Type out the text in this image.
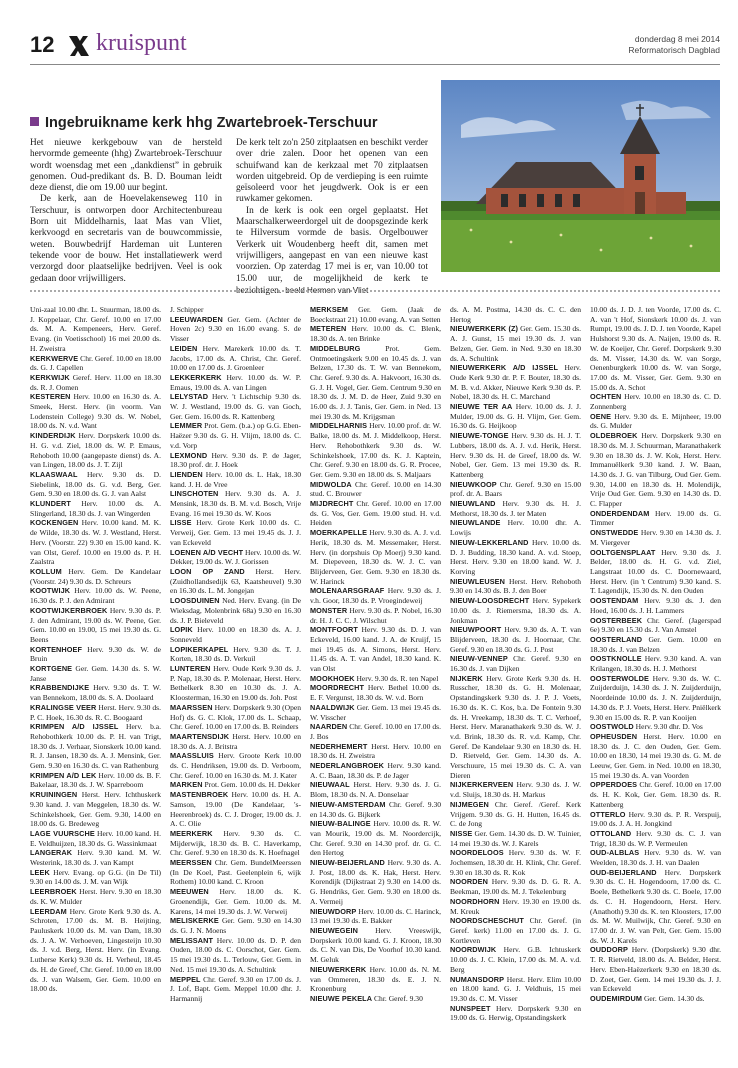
12 kruispunt	donderdag 8 mei 2014
Reformatorisch Dagblad
Ingebruikname kerk hhg Zwartebroek-Terschuur
Het nieuwe kerkgebouw van de hersteld hervormde gemeente (hhg) Zwartebroek-Terschuur wordt woensdag met een „dankdienst” in gebruik genomen. Oud-predikant ds. B. D. Bouman leidt deze dienst, die om 19.00 uur begint.
De kerk, aan de Hoevelakenseweg 110 in Terschuur, is ontworpen door Architectenbureau Born uit Middelharnis, laat Mas van Vliet, kerkvoogd en secretaris van de bouwcommissie, weten. Bouwbedrijf Hardeman uit Lunteren tekende voor de bouw. Het installatiewerk werd verzorgd door plaatselijke bedrijven. Veel is ook gedaan door vrijwilligers.
De kerk telt zo'n 250 zitplaatsen en beschikt verder over drie zalen. Door het openen van een schuifwand kan de kerkzaal met 70 zitplaatsen worden uitgebreid. Op de verdieping is een ruimte geïsoleerd voor het jeugdwerk. Ook is er een ruwkamer gekomen.
In de kerk is ook een orgel geplaatst. Het Maarschalkerweerdorgel uit de doopsgezinde kerk te Hilversum vormde de basis. Orgelbouwer Verkerk uit Woudenberg heeft dit, samen met vrijwilligers, aangepast en van een nieuwe kast voorzien. Op zaterdag 17 mei is er, van 10.00 tot 15.00 uur, de mogelijkheid de kerk te bezichtigen. beeld Hermen van Vliet
Uni-zaal 10.00 dhr. L. Stuurman, 18.00 ds. J. Koppelaar, Chr. Geref. 10.00 en 17.00 ds. M. A. Kempeneers, Herv. Geref. Evang. (in Voetisschool) 16 mei 20.00 ds. H. Zweistra
KERKWERVE Chr. Geref. 10.00 en 18.00 ds. G. J. Capellen
KERKWIJK Geref. Herv. 11.00 en 18.30 ds. R. J. Oomen
KESTEREN Herv. 10.00 en 16.30 ds. A. Smeek, Herst. Herv. (in voorm. Van Lodenstein College) 9.30 ds. W. Nobel, 18.00 ds. N. v.d. Want
KINDERDIJK Herv. Dorpskerk 10.00 ds. H. G. v.d. Ziel, 18.00 ds. W. P. Emaus, Rehoboth 10.00 (aangepaste dienst) ds. A. van Lingen, 18.00 ds. J. T. Zijl
KLAASWAAL Herv. 9.30 ds. D. Siebelink, 18.00 ds. G. v.d. Berg, Ger. Gem. 9.30 en 18.00 ds. G. J. van Aalst
KLUNDERT Herv. 10.00 ds. A. Slingerland, 18.30 ds. J. van Wingerden
KOCKENGEN Herv. 10.00 kand. M. K. de Wilde, 18.30 ds. W. J. Westland, Herst. Herv. (Voorstr. 22) 9.30 en 15.00 kand. K. van Olst, Geref. 10.00 en 19.00 ds. P. H. Zaalstra
KOLLUM Herv. Gem. De Kandelaar (Voorstr. 24) 9.30 ds. D. Schreurs
KOOTWIJK Herv. 10.00 ds. W. Peene, 16.30 ds. P. J. den Admirant
KOOTWIJKERBROEK Herv. 9.30 ds. P. J. den Admirant, 19.00 ds. W. Peene, Ger. Gem. 10.00 en 19.00, 15 mei 19.30 ds. G. Beens
KORTENHOEF Herv. 9.30 ds. W. de Bruin
KORTGENE Ger. Gem. 14.30 ds. S. W. Janse
KRABBENDIJKE Herv. 9.30 ds. T. W. van Bennekom, 18.00 ds. S. A. Doolaard
KRALINGSE VEER Herst. Herv. 9.30 ds. P. C. Hoek, 16.30 ds. R. C. Boogaard
KRIMPEN A/D IJSSEL Herv. b.a. Rehobothkerk 10.00 ds. P. H. van Trigt, 18.30 ds. J. Verhaar, Sionskerk 10.00 kand. R. J. Jansen, 18.30 ds. A. J. Mensink, Ger. Gem. 9.30 en 16.30 ds. C. van Rathenburg
KRIMPEN A/D LEK Herv. 10.00 ds. B. F. Bakelaar, 18.30 ds. J. W. Sparreboom
KRUININGEN Herst. Herv. Ichthuskerk 9.30 kand. J. van Meggelen, 18.30 ds. W. Schinkelshoek, Ger. Gem. 9.30, 14.00 en 18.00 ds. G. Bredeweg
LAGE VUURSCHE Herv. 10.00 kand. H. E. Veldhuijzen, 18.30 ds. G. Wassinkmaat
LANGERAK Herv. 9.30 kand. M. W. Westerink, 18.30 ds. J. van Kampt
LEEK Herv. Evang. op G.G. (in De Til) 9.30 en 14.00 ds. J. M. van Wijk
LEERBROEK Herst. Herv. 9.30 en 18.30 ds. K. W. Mulder
LEERDAM Herv. Grote Kerk 9.30 ds. A. Schroten, 17.00 ds. M. B. Heijting, Pauluskerk 10.00 ds. M. van Dam, 18.30 ds. J. A. W. Verhoeven, Lingesteijn 10.30 ds. J. v.d. Berg, Herst. Herv. (in Evang. Lutherse Kerk) 9.30 ds. H. Verheul, 18.45 ds. H. de Greef, Chr. Geref. 10.00 en 18.00 ds. J. van Walsem, Ger. Gem. 10.00 en 18.00 ds.
J. Schipper
LEEUWARDEN Ger. Gem. (Achter de Hoven 2c) 9.30 en 16.00 evang. S. de Visser
LEIDEN Herv. Marekerk 10.00 ds. T. Jacobs, 17.00 ds. A. Christ, Chr. Geref. 10.00 en 17.00 ds. J. Groenleer
LEKKERKERK Herv. 10.00 ds. W. P. Emaus, 19.00 ds. A. van Lingen
LELYSTAD Herv. 't Lichtschip 9.30 ds. W. J. Westland, 19.00 ds. G. van Goch, Ger. Gem. 16.00 ds. R. Kattenberg
LEMMER Prot. Gem. (b.a.) op G.G. Eben-Haëzer 9.30 ds. G. H. Vlijm, 18.00 ds. C. v.d. Vorp
LEXMOND Herv. 9.30 ds. P. de Jager, 18.30 prof. dr. J. Hoek
LIENDEN Herv. 10.00 ds. L. Hak, 18.30 kand. J. H. de Vree
LINSCHOTEN Herv. 9.30 ds. A. J. Mensink, 18.30 ds. B. M. v.d. Bosch, Vrije Evang. 16 mei 19.30 ds. W. Koos
LISSE Herv. Grote Kerk 10.00 ds. C. Verweij, Ger. Gem. 13 mei 19.45 ds. J. J. van Eckeveld
LOENEN A/D VECHT Herv. 10.00 ds. W. Dekker, 19.00 ds. W. J. Gorissen
LOON OP ZAND Herst. Herv. (Zuidhollandsedijk 63, Kaatsheuvel) 9.30 en 16.30 ds. L. M. Jongejan
LOOSDUINEN Ned. Herv. Evang. (in De Wieksdag, Molenbrink 68a) 9.30 en 16.30 ds. J. P. Bieleveld
LOPIK Herv. 10.00 en 18.30 ds. A. J. Sonneveld
LOPIKERKAPEL Herv. 9.30 ds. T. J. Korten, 18.30 ds. D. Verkuil
LUNTEREN Herv. Oude Kerk 9.30 ds. J. P. Nap, 18.30 ds. P. Molenaar, Herst. Herv. Bethelkerk 8.30 en 10.30 ds. J. A. Kloosterman, 16.30 en 19.00 ds. Joh. Post
MAARSSEN Herv. Dorpskerk 9.30 (Open Hof) ds. G. C. Klok, 17.00 ds. L. Schaap, Chr. Geref. 10.00 en 17.00 ds. B. Reinders
MAARTENSDIJK Herst. Herv. 10.00 en 18.30 ds. A. J. Britstra
MAASSLUIS Herv. Groote Kerk 10.00 ds. C. Hendriksen, 19.00 ds. D. Verboom, Chr. Geref. 10.00 en 16.30 ds. M. J. Kater
MARKEN Prot. Gem. 10.00 ds. H. Dekker
MASTENBROEK Herv. 10.00 ds. H. A. Samson, 19.00 (De Kandelaar, 's-Heerenbroek) ds. C. J. Droger, 19.00 ds. J. A. C. Olie
MEERKERK Herv. 9.30 ds. C. Mijderwijk, 18.30 ds. B. C. Haverkamp, Chr. Geref. 9.30 en 18.30 ds. K. Hoefnagel
MEERSSEN Chr. Gem. BundelMeerssen (In De Koel, Past. Geelenplein 6, wijk Rothem) 10.00 kand. C. Kroon
MEEUWEN Herv. 18.00 ds. K. Groenendijk, Ger. Gem. 10.00 ds. M. Karens, 14 mei 19.30 ds. J. W. Verweij
MELISKERKE Ger. Gem. 9.30 en 14.30 ds. G. J. N. Moens
MELISSANT Herv. 10.00 ds. D. P. den Ouden, 18.00 ds. C. Oorschot, Ger. Gem. 15 mei 19.30 ds. L. Terlouw, Ger. Gem. in Ned. 15 mei 19.30 ds. A. Schultink
MEPPEL Chr. Geref. 9.30 en 17.00 ds. J. J. Lof, Bapt. Gem. Meppel 10.00 dhr. J. Harmannij
MERKSEM Ger. Gem. (Jaak de Boeckstraat 21) 10.00 evang. A. van Setten
METEREN Herv. 10.00 ds. C. Blenk, 18.30 ds. A. ten Brinke
MIDDELBURG Prot. Gem. Ontmoetingskerk 9.00 en 10.45 ds. J. van Belzen, 17.30 ds. T. W. van Bennekom, Chr. Geref. 9.30 ds. A. Hakvoort, 16.30 ds. G. J. H. Vogel, Ger. Gem. Centrum 9.30 en 18.30 ds. J. M. D. de Heer, Zuid 9.30 en 16.00 ds. J. J. Tanis, Ger. Gem. in Ned. 13 mei 19.30 ds. M. Krijgsman
MIDDELHARNIS Herv. 10.00 prof. dr. W. Balke, 18.00 ds. M. J. Middelkoop, Herst. Herv. Rehobothkerk 9.30 ds. W. Schinkelshoek, 17.00 ds. K. J. Kaptein, Chr. Geref. 9.30 en 18.00 ds. G. R. Procee, Ger. Gem. 9.30 en 18.00 ds. S. Maljaars
MIDWOLDA Chr. Geref. 10.00 en 14.30 stud. C. Brouwer
MIJDRECHT Chr. Geref. 10.00 en 17.00 ds. G. Vos, Ger. Gem. 19.00 stud. H. v.d. Heiden
MOERKAPELLE Herv. 9.30 ds. A. J. v.d. Herik, 18.30 ds. M. Messemaker, Herst. Herv. (in dorpshuis Op Moerj) 9.30 kand. M. Diepeveen, 18.30 ds. W. J. C. van Blijderveen, Ger. Gem. 9.30 en 18.30 ds. W. Harinck
MOLENAARSGRAAF Herv. 9.30 ds. J. v.h. Goor, 18.30 ds. P. Vroegindeweij
MONSTER Herv. 9.30 ds. P. Nobel, 16.30 dr. H. J. C. C. J. Wilschut
MONTFOORT Herv. 9.30 ds. D. J. van Eckeveld, 16.00 kand. J. A. de Kruijf, 15 mei 19.45 ds. A. Simons, Herst. Herv. 11.45 ds. A. T. van Andel, 18.30 kand. K. van Olst
MOOKHOEK Herv. 9.30 ds. R. ten Napel
MOORDRECHT Herv. Bethel 10.00 ds. E. F. Vergunst, 18.30 ds. W. v.d. Born
NAALDWIJK Ger. Gem. 13 mei 19.45 ds. W. Visscher
NAARDEN Chr. Geref. 10.00 en 17.00 ds. J. Bos
NEDERHEMERT Herst. Herv. 10.00 en 18.30 ds. H. Zweistra
NEDERLANGBROEK Herv. 9.30 kand. A. C. Baan, 18.30 ds. P. de Jager
NIEUWAAL Herst. Herv. 9.30 ds. J. G. Blom, 18.30 ds. N. A. Donselaar
NIEUW-AMSTERDAM Chr. Geref. 9.30 en 14.30 ds. G. Bijkerk
NIEUW-BALINGE Herv. 10.00 ds. R. W. van Mourik, 19.00 ds. M. Noordercijk, Chr. Geref. 9.30 en 14.30 prof. dr. G. C. den Hertog
NIEUW-BEIJERLAND Herv. 9.30 ds. A. J. Post, 18.00 ds. K. Hak, Herst. Herv. Korendijk (Dijkstraat 2) 9.30 en 14.00 ds. G. Hendriks, Ger. Gem. 9.30 en 18.00 ds. A. Vermeij
NIEUWDORP Herv. 10.00 ds. C. Harinck, 13 mei 19.30 ds. E. Bakker
NIEUWEGEIN Herv. Vreeswijk, Dorpskerk 10.00 kand. G. J. Kroon, 18.30 ds. C. N. van Dis, De Voorhof 10.30 kand. M. Geluk
NIEUWERKERK Herv. 10.00 ds. N. M. van Ommeren, 18.30 ds. E. J. N. Kronenburg
NIEUWE PEKELA Chr. Geref. 9.30
ds. A. M. Postma, 14.30 ds. C. C. den Hertog
NIEUWERKERK (Z) Ger. Gem. 15.30 ds. A. J. Gunst, 15 mei 19.30 ds. J. van Belzen, Ger. Gem. in Ned. 9.30 en 18.30 ds. A. Schultink
NIEUWERKERK A/D IJSSEL Herv. Oude Kerk 9.30 dr. P. F. Bouter, 18.30 ds. M. B. v.d. Akker, Nieuwe Kerk 9.30 ds. P. Nobel, 18.30 ds. H. C. Marchand
NIEUWE TER AA Herv. 10.00 ds. J. J. Mulder, 19.00 ds. G. H. Vlijm, Ger. Gem. 16.30 ds. G. Heijkoop
NIEUWE-TONGE Herv. 9.30 ds. H. J. T. Lubbers, 18.00 ds. A. J. v.d. Herik, Herst. Herv. 9.30 ds. H. de Greef, 18.00 ds. W. Nobel, Ger. Gem. 13 mei 19.30 ds. R. Kattenberg
NIEUWKOOP Chr. Geref. 9.30 en 15.00 prof. dr. A. Baars
NIEUWLAND Herv. 9.30 ds. H. J. Methorst, 18.30 ds. J. ter Maten
NIEUWLANDE Herv. 10.00 dhr. A. Lowijs
NIEUW-LEKKERLAND Herv. 10.00 ds. D. J. Budding, 18.30 kand. A. v.d. Stoep, Herst. Herv. 9.30 en 18.00 kand. W. J. Korving
NIEUWLEUSEN Herst. Herv. Rehoboth 9.30 en 14.30 ds. B. J. den Boer
NIEUW-LOOSDRECHT Herv. Sypekerk 10.00 ds. J. Riemersma, 18.30 ds. A. Jonkman
NIEUWPOORT Herv. 9.30 ds. A. T. van Blijderveen, 18.30 ds. J. Hoornaar, Chr. Geref. 9.30 en 18.30 ds. G. J. Post
NIEUW-VENNEP Chr. Geref. 9.30 en 16.30 ds. J. van Dijken
NIJKERK Herv. Grote Kerk 9.30 ds. H. Russcher, 18.30 ds. G. H. Molenaar, Opstandingskerk 9.30 ds. J. P. J. Voets, 16.30 ds. K. C. Kos, b.a. De Fontein 9.30 ds. H. Vreekamp, 18.30 ds. T. C. Verhoef, Herst. Herv. Maranathakerk 9.30 ds. W. J. v.d. Brink, 18.30 ds. R. v.d. Kamp, Chr. Geref. De Kandelaar 9.30 en 18.30 ds. H. D. Rietveld, Ger. Gem. 14.30 ds. A. Verschuure, 15 mei 19.30 ds. C. A. van Dieren
NIJKERKERVEEN Herv. 9.30 ds. J. W. v.d. Sluijs, 18.30 ds. H. Markus
NIJMEGEN Chr. Geref. /Geref. Kerk Vrijgem. 9.30 ds. G. H. Hutten, 16.45 ds. C. de Jong
NISSE Ger. Gem. 14.30 ds. D. W. Tuinier, 14 mei 19.30 ds. W. J. Karels
NOORDELOOS Herv. 9.30 ds. W. F. Jochemsen, 18.30 dr. H. Klink, Chr. Geref. 9.30 en 18.30 ds. R. Kok
NOORDEN Herv. 9.30 ds. D. G. R. A. Beekman, 19.00 ds. M. J. Tekelenburg
NOORDHORN Herv. 19.30 en 19.00 ds. M. Kreuk
NOORDSCHESCHUT Chr. Geref. (in Geref. kerk) 11.00 en 17.00 ds. J. G. Kortleven
NOORDWIJK Herv. G.B. Ichtuskerk 10.00 ds. J. C. Klein, 17.00 ds. M. A. v.d. Berg
NUMANSDORP Herst. Herv. Elim 10.00 en 18.00 kand. G. J. Veldhuis, 15 mei 19.30 ds. C. M. Visser
NUNSPEET Herv. Dorpskerk 9.30 en 19.00 ds. G. Herwig, Opstandingskerk
10.00 ds. J. D. J. ten Voorde, 17.00 ds. C. A. van 't Hof, Sionskerk 10.00 ds. J. van Rumpt, 19.00 ds. J. D. J. ten Voorde, Kapel Hulshorst 9.30 ds. A. Naijen, 19.00 ds. R. W. de Koeijer, Chr. Geref. Dorpskerk 9.30 ds. M. Visser, 14.30 ds. W. van Sorge, Oenenburgkerk 10.00 ds. W. van Sorge, 17.00 ds. M. Visser, Ger. Gem. 9.30 en 15.00 ds. A. Schot
OCHTEN Herv. 10.00 en 18.30 ds. C. D. Zonnenberg
OENE Herv. 9.30 ds. E. Mijnheer, 19.00 ds. G. Mulder
OLDEBROEK Herv. Dorpskerk 9.30 en 18.30 ds. M. J. Schuurman, Maranathakerk 9.30 en 18.30 ds. J. W. Kok, Herst. Herv. Immanuëlkerk 9.30 kand. J. W. Baan, 14.30 ds. J. G. van Tilburg, Oud Ger. Gem. 9.30, 14.00 en 18.30 ds. H. Molendijk, Vrije Oud Ger. Gem. 9.30 en 14.30 ds. D. C. Flapper
ONDERDENDAM Herv. 19.00 ds. G. Timmer
ONSTWEDDE Herv. 9.30 en 14.30 ds. J. M. Viergever
OOLTGENSPLAAT Herv. 9.30 ds. J. Belder, 18.00 ds. H. G. v.d. Ziel, Langstraat 10.00 ds. C. Doornewaard, Herst. Herv. (in 't Centrum) 9.30 kand. S. T. Lagendijk, 15.30 ds. N. den Ouden
OOSTENDAM Herv. 9.30 ds. J. den Hoed, 16.00 ds. J. H. Lammers
OOSTERBEEK Chr. Geref. (Jagerspad 6e) 9.30 en 15.30 ds. J. Van Amstel
OOSTERLAND Ger. Gem. 10.00 en 18.30 ds. J. van Belzen
OOSTKNOLLE Herv. 9.30 kand. A. van Krilangen, 18.30 ds. H. J. Methorst
OOSTERWOLDE Herv. 9.30 ds. W. C. Zuijderduijn, 14.30 ds. J. N. Zuijderduijn, Noordeinde 10.00 ds. J. N. Zuijderduijn, 14.30 ds. P. J. Voets, Herst. Herv. Pniëlkerk 9.30 en 15.00 ds. R. P. van Kooijen
OOSTWOLD Herv. 9.30 dhr. D. Vos
OPHEUSDEN Herst. Herv. 10.00 en 18.30 ds. J. C. den Ouden, Ger. Gem. 10.00 en 18.30, 14 mei 19.30 ds. G. M. de Leeuw, Ger. Gem. in Ned. 10.00 en 18.30, 15 mei 19.30 ds. A. van Voorden
OPPERDOES Chr. Geref. 10.00 en 17.00 ds. H. K. Kok, Ger. Gem. 18.30 ds. R. Kattenberg
OTTERLO Herv. 9.30 ds. P. R. Verspuij, 19.00 ds. J. A. H. Jongkind
OTTOLAND Herv. 9.30 ds. C. J. van Trigt, 18.30 ds. W. P. Vermeulen
OUD-ALBLAS Herv. 9.30 ds. W. van Weelden, 18.30 ds. J. H. van Daalen
OUD-BEIJERLAND Herv. Dorpskerk 9.30 ds. C. H. Hogendoorn, 17.00 ds. C. Boele, Bethelkerk 9.30 ds. C. Boele, 17.00 ds. C. H. Hogendoorn, Herst. Herv. (Anathoth) 9.30 ds. K. ten Kloosters, 17.00 ds. M. W. Muilwijk, Chr. Geref. 9.30 en 17.00 dr. J. W. van Pelt, Ger. Gem. 15.00 ds. W. J. Karels
OUDDORP Herv. (Dorpskerk) 9.30 dhr. T. R. Rietveld, 18.00 ds. A. Belder, Herst. Herv. Eben-Haëzerkerk 9.30 en 18.30 ds. D. Zoet, Ger. Gem. 14 mei 19.30 ds. J. J. van Eckeveld
OUDEMIRDUM Ger. Gem. 14.30 ds.
